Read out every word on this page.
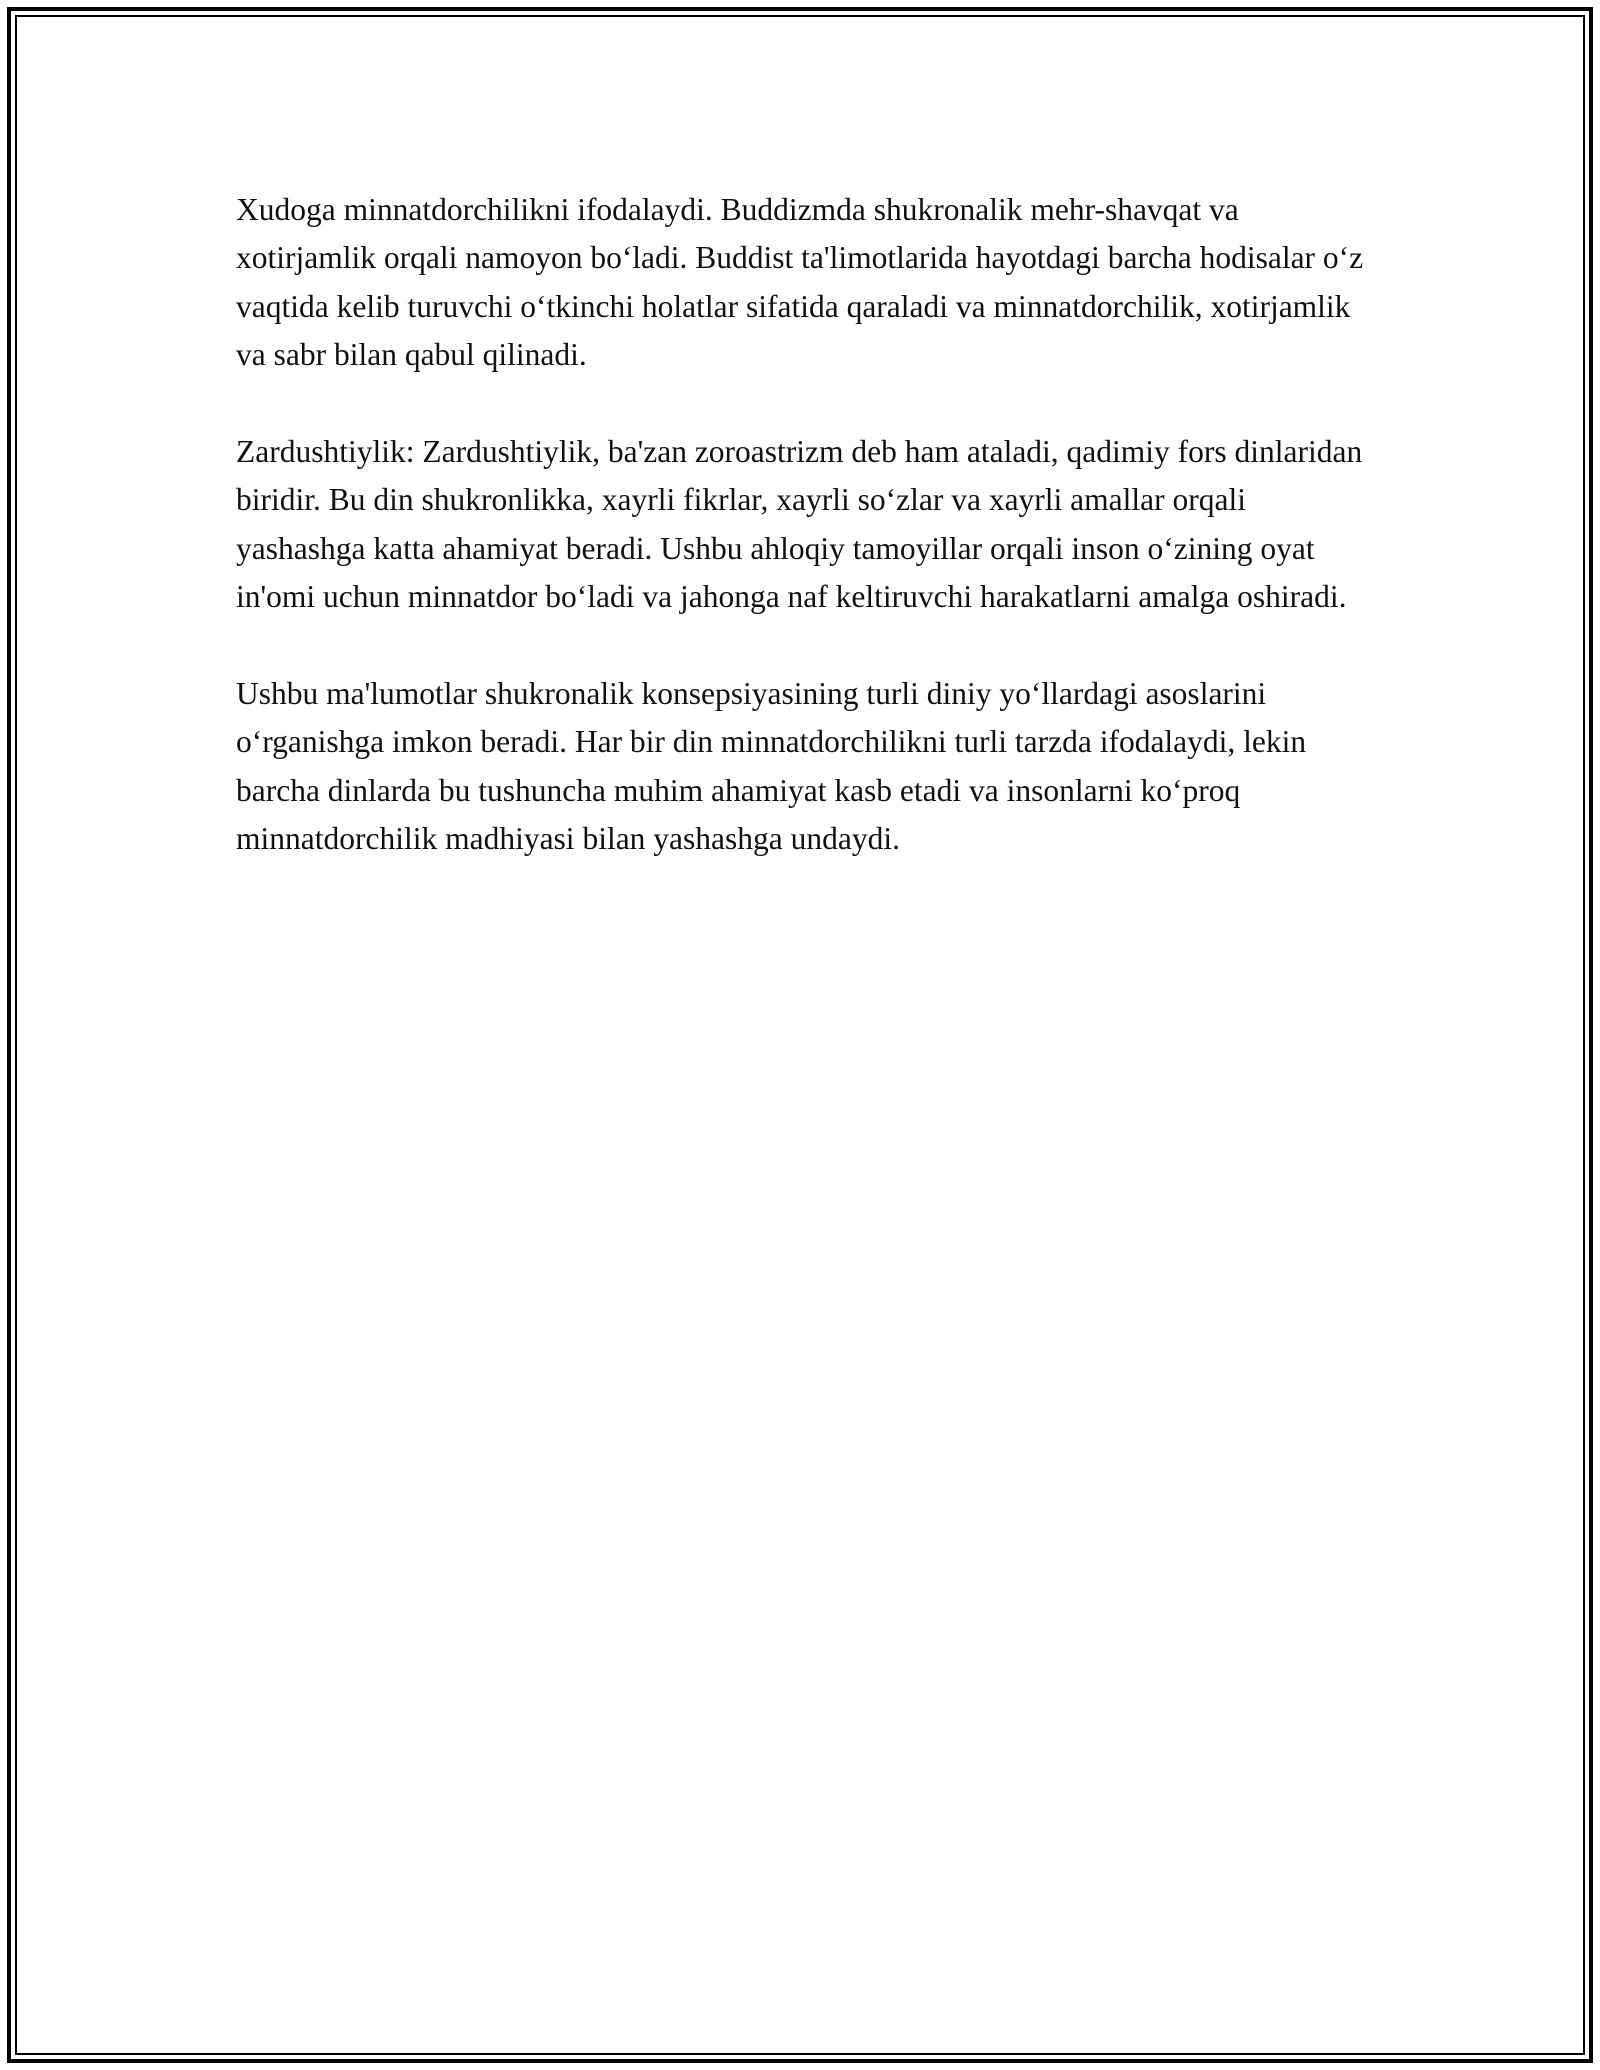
Xudoga minnatdorchilikni ifodalaydi. Buddizmda shukronalik mehr-shavqat va xotirjamlik orqali namoyon bo‘ladi. Buddist ta'limotlarida hayotdagi barcha hodisalar o‘z vaqtida kelib turuvchi o‘tkinchi holatlar sifatida qaraladi va minnatdorchilik, xotirjamlik va sabr bilan qabul qilinadi.

Zardushtiylik: Zardushtiylik, ba'zan zoroastrizm deb ham ataladi, qadimiy fors dinlaridan biridir. Bu din shukronlikka, xayrli fikrlar, xayrli so‘zlar va xayrli amallar orqali yashashga katta ahamiyat beradi. Ushbu ahloqiy tamoyillar orqali inson o‘zining oyat in'omi uchun minnatdor bo‘ladi va jahonga naf keltiruvchi harakatlarni amalga oshiradi.

Ushbu ma'lumotlar shukronalik konsepsiyasining turli diniy yo‘llardagi asoslarini o‘rganishga imkon beradi. Har bir din minnatdorchilikni turli tarzda ifodalaydi, lekin barcha dinlarda bu tushuncha muhim ahamiyat kasb etadi va insonlarni ko‘proq minnatdorchilik madhiyasi bilan yashashga undaydi.
